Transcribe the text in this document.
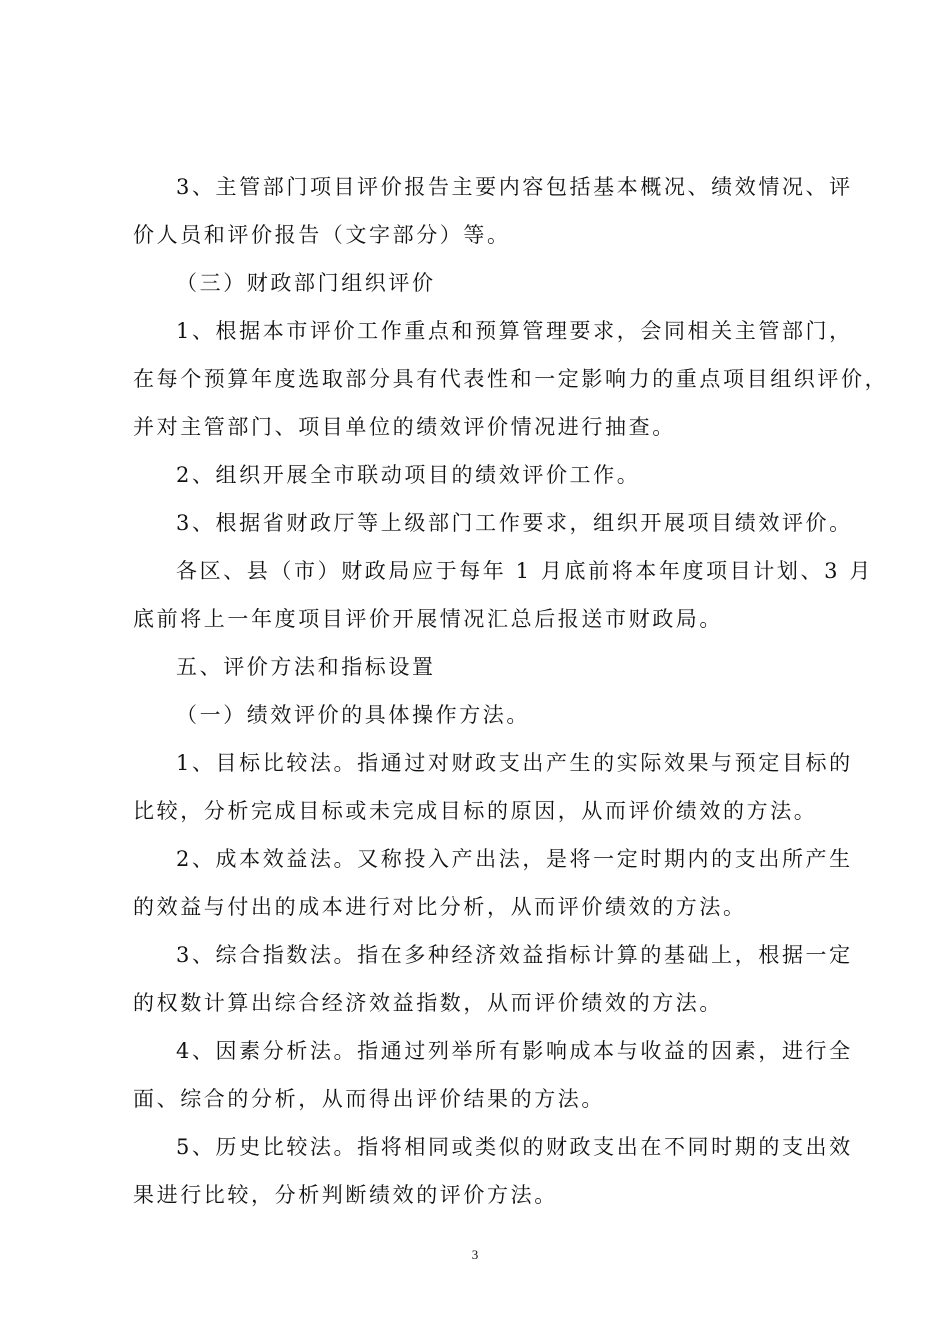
3、主管部门项目评价报告主要内容包括基本概况、绩效情况、评
价人员和评价报告（文字部分）等。
（三）财政部门组织评价
1、根据本市评价工作重点和预算管理要求，会同相关主管部门，
在每个预算年度选取部分具有代表性和一定影响力的重点项目组织评价，
并对主管部门、项目单位的绩效评价情况进行抽查。
2、组织开展全市联动项目的绩效评价工作。
3、根据省财政厅等上级部门工作要求，组织开展项目绩效评价。
各区、县（市）财政局应于每年 1 月底前将本年度项目计划、3 月
底前将上一年度项目评价开展情况汇总后报送市财政局。
五、评价方法和指标设置
（一）绩效评价的具体操作方法。
1、目标比较法。指通过对财政支出产生的实际效果与预定目标的
比较，分析完成目标或未完成目标的原因，从而评价绩效的方法。
2、成本效益法。又称投入产出法，是将一定时期内的支出所产生
的效益与付出的成本进行对比分析，从而评价绩效的方法。
3、综合指数法。指在多种经济效益指标计算的基础上，根据一定
的权数计算出综合经济效益指数，从而评价绩效的方法。
4、因素分析法。指通过列举所有影响成本与收益的因素，进行全
面、综合的分析，从而得出评价结果的方法。
5、历史比较法。指将相同或类似的财政支出在不同时期的支出效
果进行比较，分析判断绩效的评价方法。
3
